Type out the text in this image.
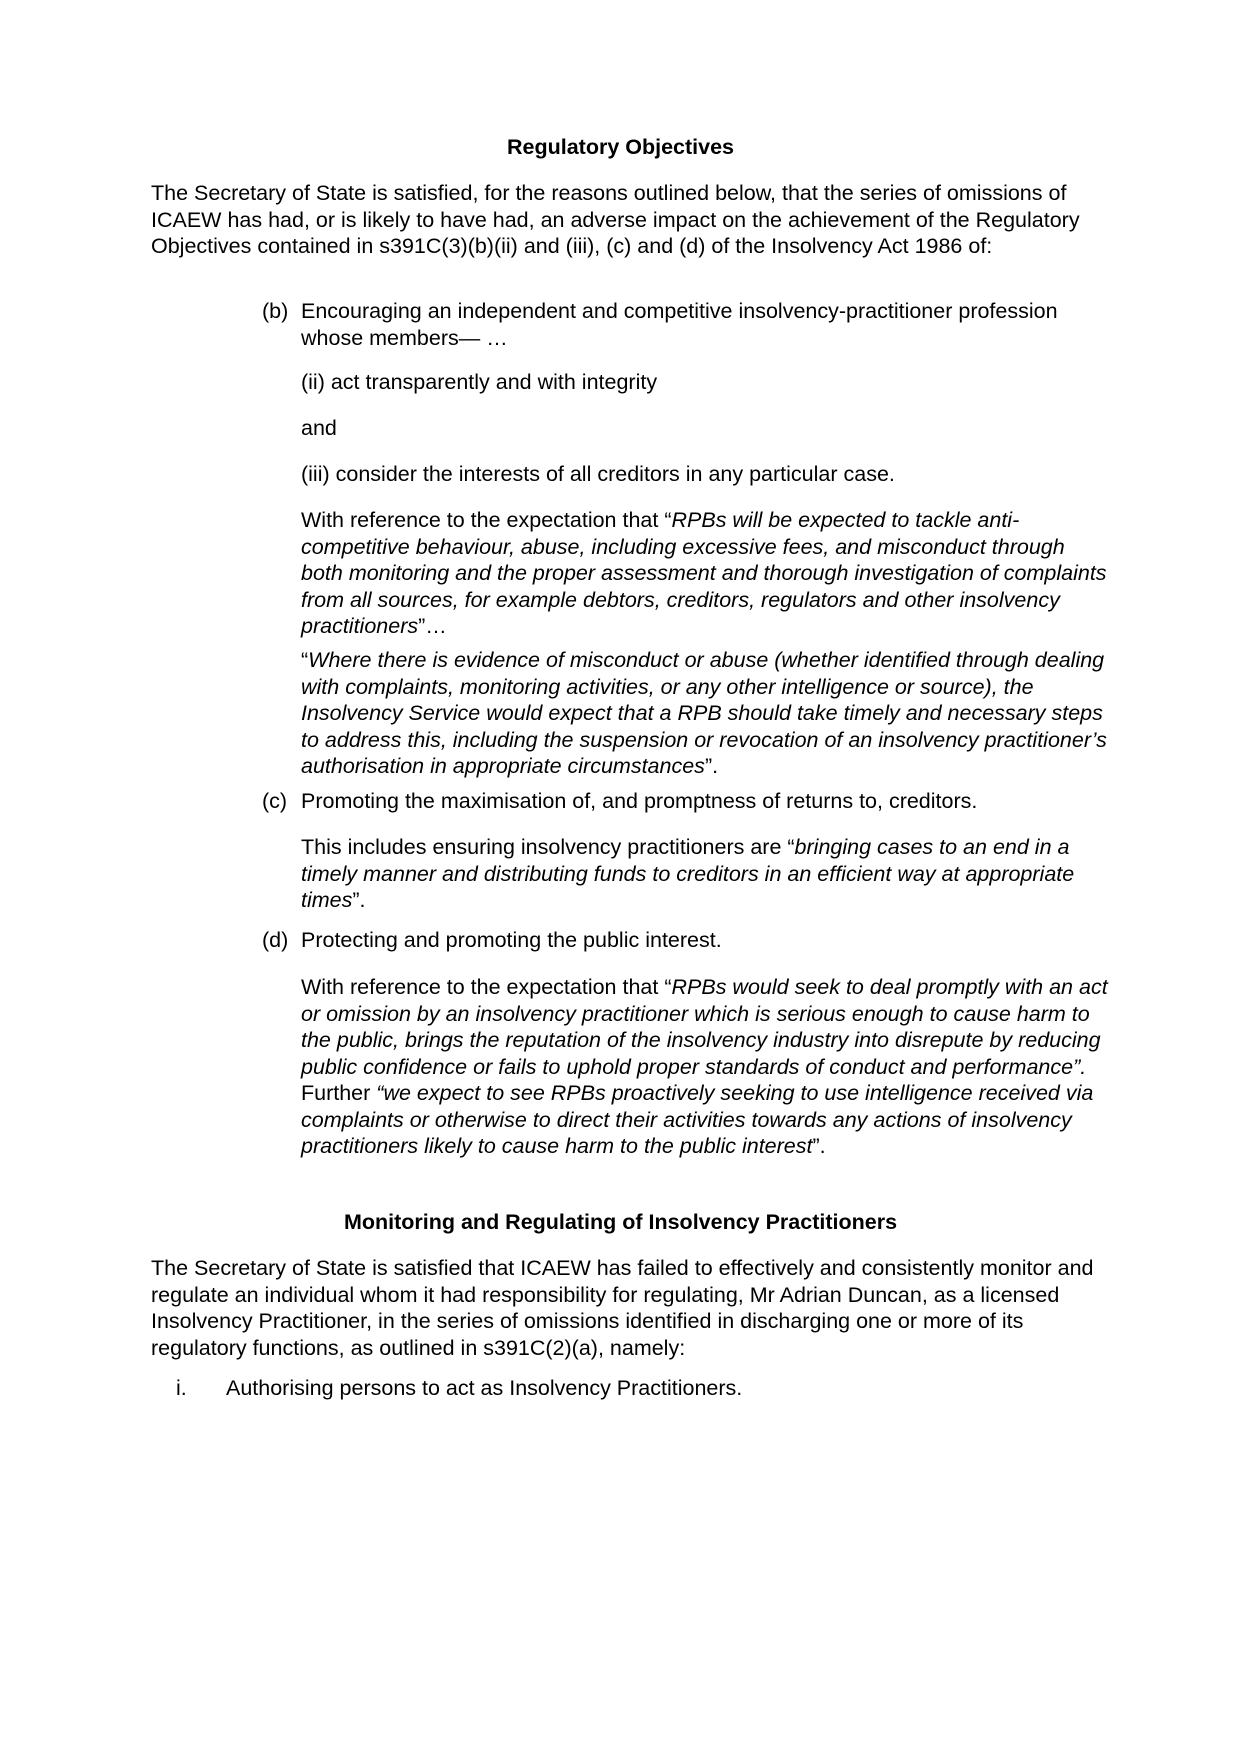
Regulatory Objectives

The Secretary of State is satisfied, for the reasons outlined below, that the series of omissions of ICAEW has had, or is likely to have had, an adverse impact on the achievement of the Regulatory Objectives contained in s391C(3)(b)(ii) and (iii), (c) and (d) of the Insolvency Act 1986 of:

(b) Encouraging an independent and competitive insolvency-practitioner profession whose members— …

(ii) act transparently and with integrity

and

(iii) consider the interests of all creditors in any particular case.

With reference to the expectation that “RPBs will be expected to tackle anti-competitive behaviour, abuse, including excessive fees, and misconduct through both monitoring and the proper assessment and thorough investigation of complaints from all sources, for example debtors, creditors, regulators and other insolvency practitioners”…

“Where there is evidence of misconduct or abuse (whether identified through dealing with complaints, monitoring activities, or any other intelligence or source), the Insolvency Service would expect that a RPB should take timely and necessary steps to address this, including the suspension or revocation of an insolvency practitioner’s authorisation in appropriate circumstances”.

(c) Promoting the maximisation of, and promptness of returns to, creditors.

This includes ensuring insolvency practitioners are “bringing cases to an end in a timely manner and distributing funds to creditors in an efficient way at appropriate times”.

(d) Protecting and promoting the public interest.

With reference to the expectation that “RPBs would seek to deal promptly with an act or omission by an insolvency practitioner which is serious enough to cause harm to the public, brings the reputation of the insolvency industry into disrepute by reducing public confidence or fails to uphold proper standards of conduct and performance”. Further “we expect to see RPBs proactively seeking to use intelligence received via complaints or otherwise to direct their activities towards any actions of insolvency practitioners likely to cause harm to the public interest”.

Monitoring and Regulating of Insolvency Practitioners

The Secretary of State is satisfied that ICAEW has failed to effectively and consistently monitor and regulate an individual whom it had responsibility for regulating, Mr Adrian Duncan, as a licensed Insolvency Practitioner, in the series of omissions identified in discharging one or more of its regulatory functions, as outlined in s391C(2)(a), namely:

i. Authorising persons to act as Insolvency Practitioners.
